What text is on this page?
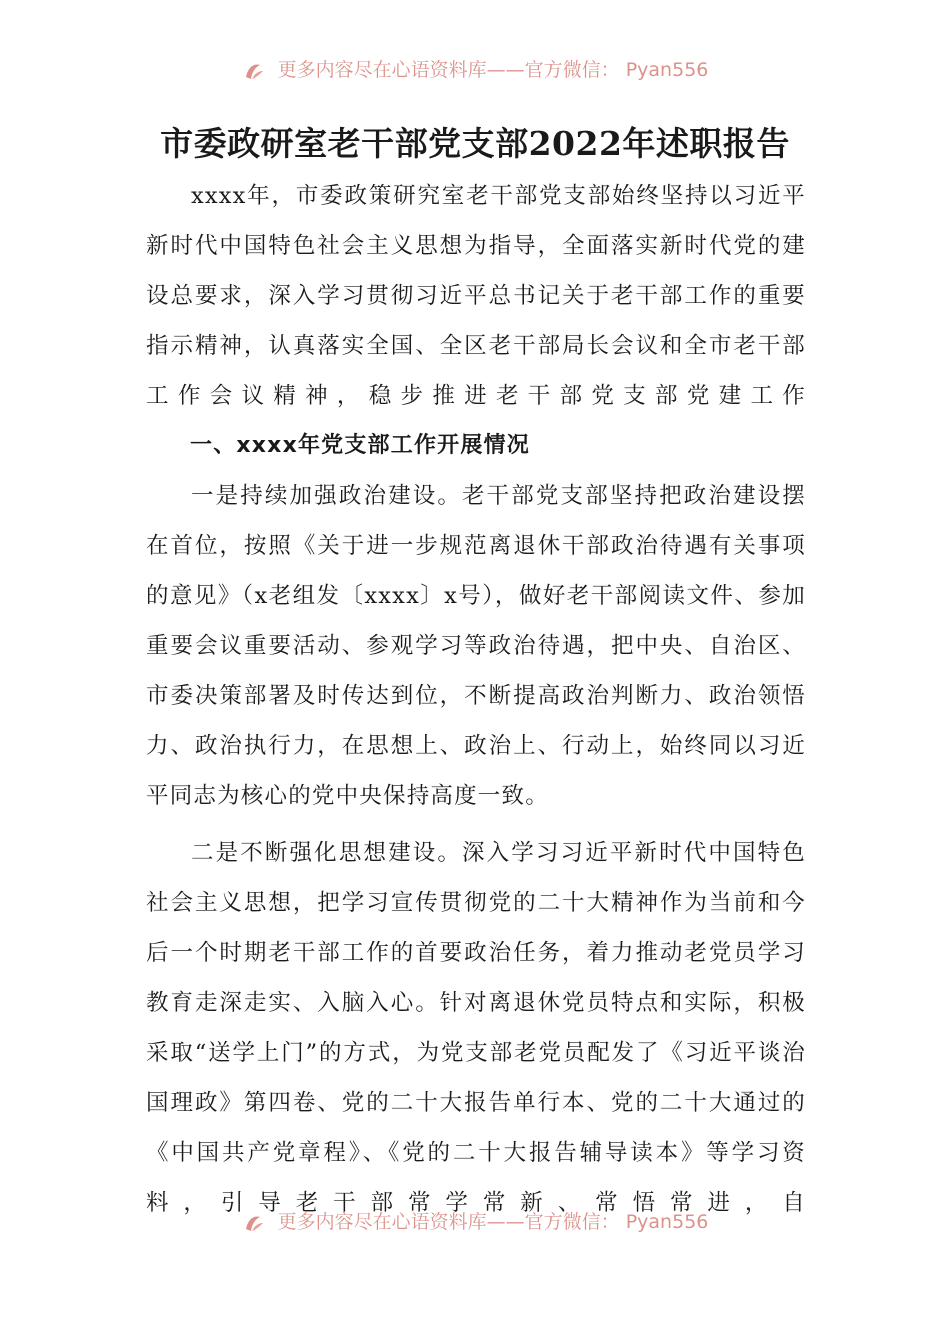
更多内容尽在心语资料库——官方微信： Pyan556
市委政研室老干部党支部2022年述职报告

xxxx年，市委政策研究室老干部党支部始终坚持以习近平新时代中国特色社会主义思想为指导，全面落实新时代党的建设总要求，深入学习贯彻习近平总书记关于老干部工作的重要指示精神，认真落实全国、全区老干部局长会议和全市老干部工作会议精神，稳步推进老干部党支部党建工作

一、xxxx年党支部工作开展情况

一是持续加强政治建设。老干部党支部坚持把政治建设摆在首位，按照《关于进一步规范离退休干部政治待遇有关事项的意见》（x老组发〔xxxx〕x号），做好老干部阅读文件、参加重要会议重要活动、参观学习等政治待遇，把中央、自治区、市委决策部署及时传达到位，不断提高政治判断力、政治领悟力、政治执行力，在思想上、政治上、行动上，始终同以习近平同志为核心的党中央保持高度一致。

二是不断强化思想建设。深入学习习近平新时代中国特色社会主义思想，把学习宣传贯彻党的二十大精神作为当前和今后一个时期老干部工作的首要政治任务，着力推动老党员学习教育走深走实、入脑入心。针对离退休党员特点和实际，积极采取“送学上门”的方式，为党支部老党员配发了《习近平谈治国理政》第四卷、党的二十大报告单行本、党的二十大通过的《中国共产党章程》、《党的二十大报告辅导读本》等学习资料，引导老干部常学常新、常悟常进，自

更多内容尽在心语资料库——官方微信： Pyan556
